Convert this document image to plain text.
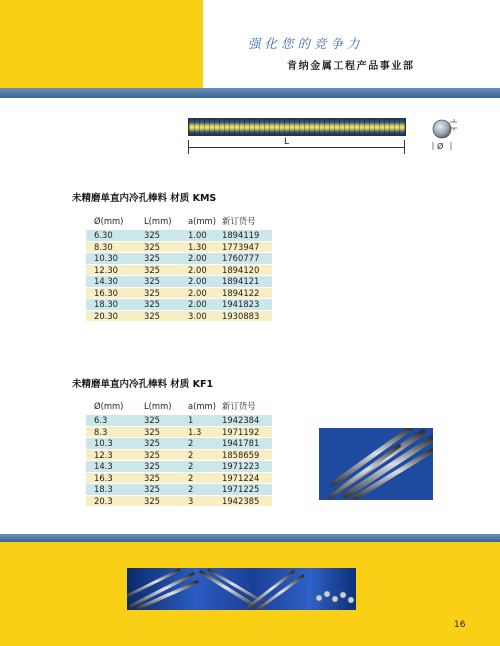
强化您的竞争力
肯纳金属工程产品事业部
L	Ø
未精磨单直内冷孔棒料 材质 KMS
Ø(mm)	L(mm)	a(mm) 新订货号
6.30	325	1.00	1894119
8.30	325	1.30	1773947
10.30	325	2.00	1760777
12.30	325	2.00	1894120
14.30	325	2.00	1894121
16.30	325	2.00	1894122
18.30	325	2.00	1941823
20.30	325	3.00	1930883
未精磨单直内冷孔棒料 材质 KF1
Ø(mm)	L(mm)	a(mm) 新订货号
6.3	325	1	1942384
8.3	325	1.3	1971192
10.3	325	2	1941781
12.3	325	2	1858659
14.3	325	2	1971223
16.3	325	2	1971224
18.3	325	2	1971225
20.3	325	3	1942385
16
